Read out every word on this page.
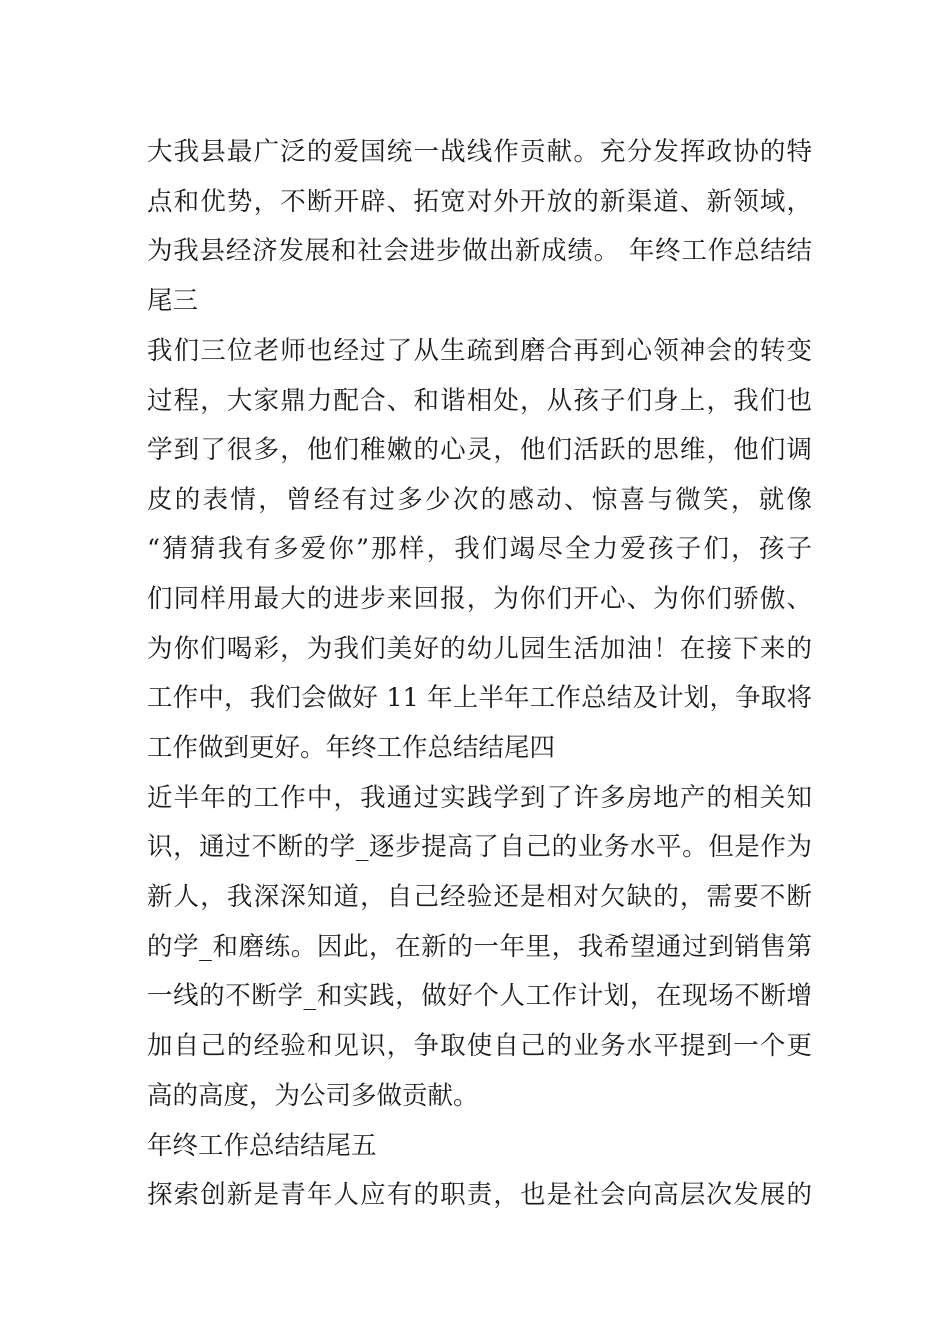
大我县最广泛的爱国统一战线作贡献。充分发挥政协的特
点和优势，不断开辟、拓宽对外开放的新渠道、新领域，
为我县经济发展和社会进步做出新成绩。 年终工作总结结
尾三
我们三位老师也经过了从生疏到磨合再到心领神会的转变
过程，大家鼎力配合、和谐相处，从孩子们身上，我们也
学到了很多，他们稚嫩的心灵，他们活跃的思维，他们调
皮的表情，曾经有过多少次的感动、惊喜与微笑，就像
“猜猜我有多爱你”那样，我们竭尽全力爱孩子们，孩子
们同样用最大的进步来回报，为你们开心、为你们骄傲、
为你们喝彩，为我们美好的幼儿园生活加油！在接下来的
工作中，我们会做好 11 年上半年工作总结及计划，争取将
工作做到更好。年终工作总结结尾四
近半年的工作中，我通过实践学到了许多房地产的相关知
识，通过不断的学_逐步提高了自己的业务水平。但是作为
新人，我深深知道，自己经验还是相对欠缺的，需要不断
的学_和磨练。因此，在新的一年里，我希望通过到销售第
一线的不断学_和实践，做好个人工作计划，在现场不断增
加自己的经验和见识，争取使自己的业务水平提到一个更
高的高度，为公司多做贡献。
年终工作总结结尾五
探索创新是青年人应有的职责，也是社会向高层次发展的
